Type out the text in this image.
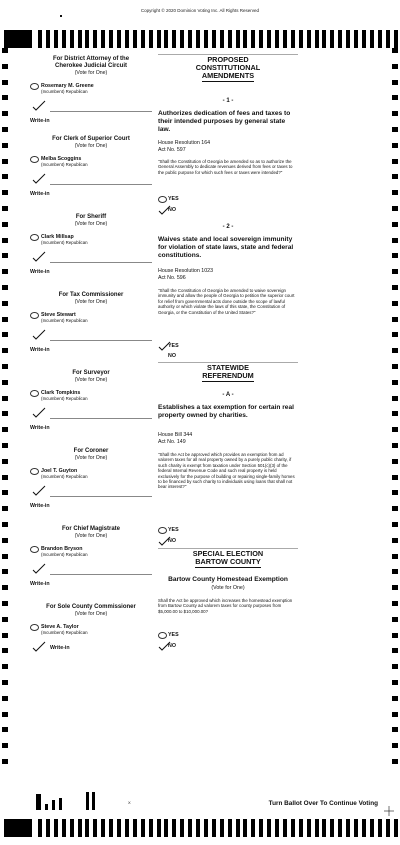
Copyright © 2020 Dominion Voting Inc. All Rights Reserved
For District Attorney of the
Cherokee Judicial Circuit
(Vote for One)
Rosemary M. Greene
(Incumbent) Republican
Write-in
For Clerk of Superior Court
(Vote for One)
Melba Scoggins
(Incumbent) Republican
Write-in
For Sheriff
(Vote for One)
Clark Millsap
(Incumbent) Republican
Write-in
For Tax Commissioner
(Vote for One)
Steve Stewart
(Incumbent) Republican
Write-in
For Surveyor
(Vote for One)
Clark Tompkins
(Incumbent) Republican
Write-in
For Coroner
(Vote for One)
Joel T. Guyton
(Incumbent) Republican
Write-in
For Chief Magistrate
(Vote for One)
Brandon Bryson
(Incumbent) Republican
Write-in
For Sole County Commissioner
(Vote for One)
Steve A. Taylor
(Incumbent) Republican
Write-in
PROPOSED
CONSTITUTIONAL
AMENDMENTS
- 1 -
Authorizes dedication of fees and taxes to their intended purposes by general state law.
House Resolution 164
Act No. 597
"Shall the Constitution of Georgia be amended so as to authorize the General Assembly to dedicate revenues derived from fees or taxes to the public purpose for which such fees or taxes were intended?"
YES
NO
- 2 -
Waives state and local sovereign immunity for violation of state laws, state and federal constitutions.
House Resolution 1023
Act No. 596
"Shall the Constitution of Georgia be amended to waive sovereign immunity and allow the people of Georgia to petition the superior court for relief from governmental acts done outside the scope of lawful authority or which violate the laws of this state, the Constitution of Georgia, or the Constitution of the United States?"
YES
NO
STATEWIDE
REFERENDUM
- A -
Establishes a tax exemption for certain real property owned by charities.
House Bill 344
Act No. 149
"Shall the Act be approved which provides an exemption from ad valorem taxes for all real property owned by a purely public charity, if such charity is exempt from taxation under Section 501(c)(3) of the federal Internal Revenue Code and such real property is held exclusively for the purpose of building or repairing single-family homes to be financed by such charity to individuals using loans that shall not bear interest?"
YES
NO
SPECIAL ELECTION
BARTOW COUNTY
Bartow County Homestead Exemption
(Vote for One)
Shall the Act be approved which increases the homestead exemption from Bartow County ad valorem taxes for county purposes from $5,000.00 to $10,000.00?
YES
NO
X	Turn Ballot Over To Continue Voting
